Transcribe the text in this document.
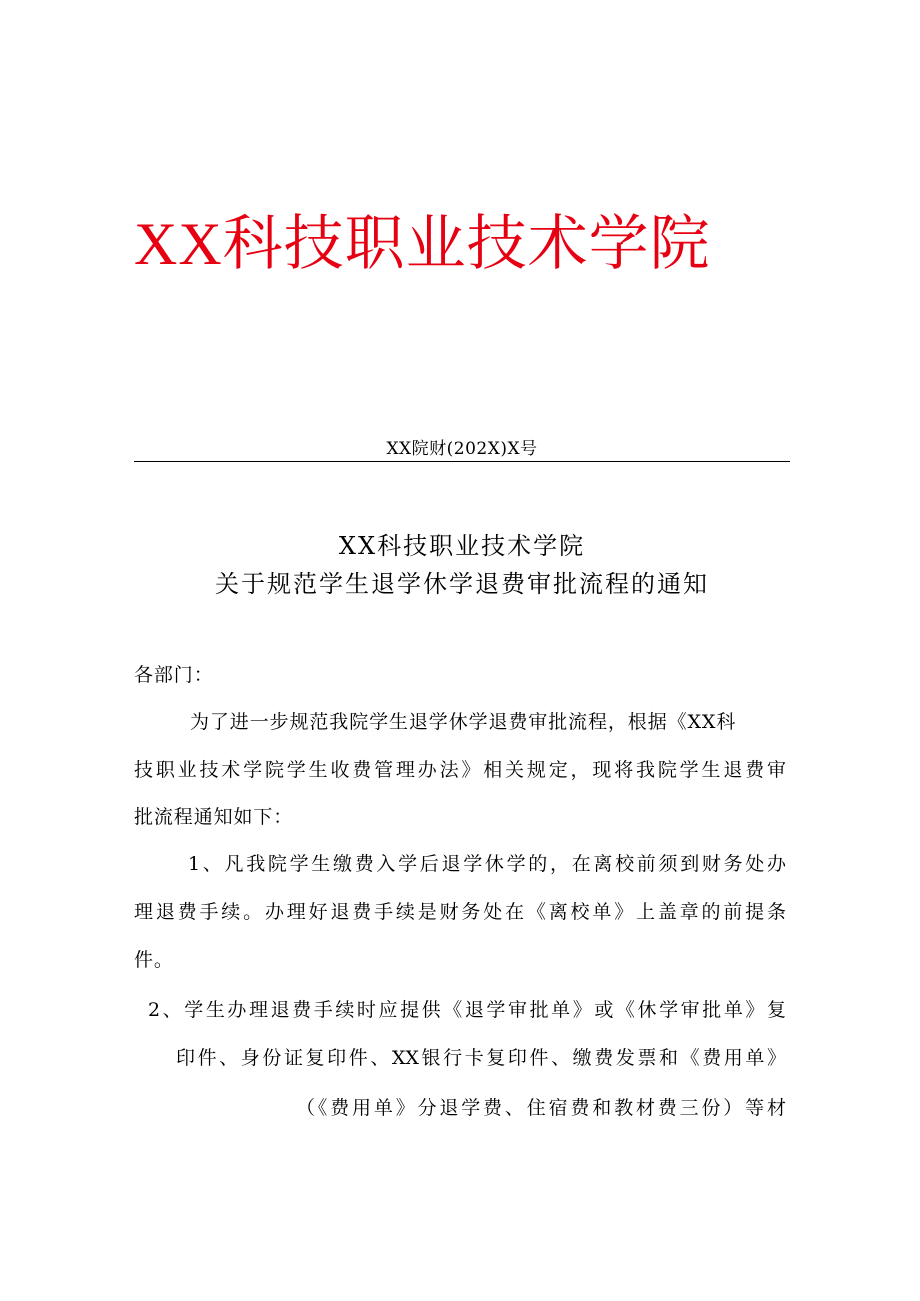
XX科技职业技术学院
XX院财(202X)X号
XX科技职业技术学院
关于规范学生退学休学退费审批流程的通知
各部门：
为了进一步规范我院学生退学休学退费审批流程，根据《XX科
技职业技术学院学生收费管理办法》相关规定，现将我院学生退费审
批流程通知如下：
1、凡我院学生缴费入学后退学休学的，在离校前须到财务处办
理退费手续。办理好退费手续是财务处在《离校单》上盖章的前提条
件。
2、学生办理退费手续时应提供《退学审批单》或《休学审批单》复
印件、身份证复印件、XX银行卡复印件、缴费发票和《费用单》
（《费用单》分退学费、住宿费和教材费三份）等材
